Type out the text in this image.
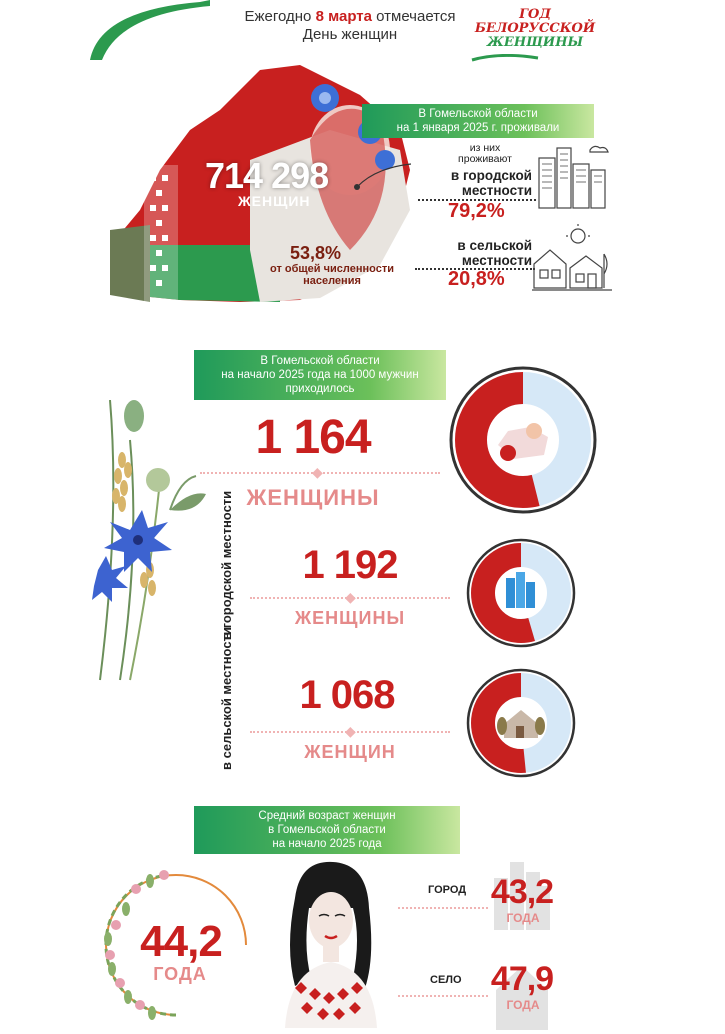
Ежегодно 8 марта отмечается
День женщин
ГОД
БЕЛОРУССКОЙ
ЖЕНЩИНЫ
В Гомельской области
на 1 января 2025 г. проживали
714 298
ЖЕНЩИН
53,8%
от общей численности
населения
из них
проживают
в городской
местности
79,2%
в сельской
местности
20,8%
В Гомельской области
на начало 2025 года на 1000 мужчин
приходилось
1 164
◆
ЖЕНЩИНЫ
в городской местности	1 192
◆
ЖЕНЩИНЫ
в сельской местности	1 068
◆
ЖЕНЩИН
Средний возраст женщин
в Гомельской области
на начало 2025 года
44,2
ГОДА
ГОРОД 43,2
ГОДА
СЕЛО 47,9
ГОДА
